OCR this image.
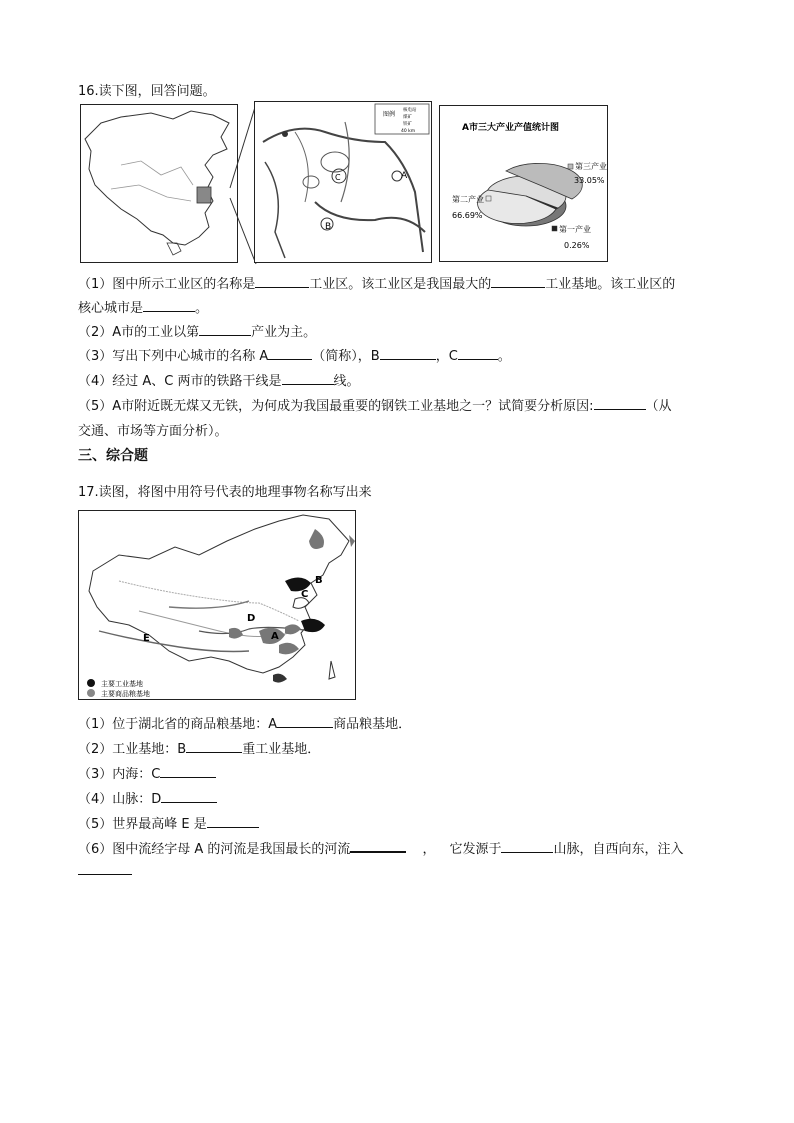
16.读下图，回答问题。
图例
核电站
煤矿
铁矿
40 km
A
B
C
A市三大产业产值统计图
第三产业
33.05%
第二产业
66.69%
第一产业
0.26%
（1）图中所示工业区的名称是	工业区。该工业区是我国最大的	工业基地。该工业区的
核心城市是	。
（2）A市的工业以第	产业为主。
（3）写出下列中心城市的名称 A	（简称），B	，C	。
（4）经过 A、C 两市的铁路干线是	线。
（5）A市附近既无煤又无铁，为何成为我国最重要的钢铁工业基地之一？试简要分析原因:	（从
交通、市场等方面分析）。
三、综合题
17.读图，将图中用符号代表的地理事物名称写出来
主要工业基地
主要商品粮基地
A
B
C
D
E
（1）位于湖北省的商品粮基地：A	商品粮基地．
（2）工业基地：B	重工业基地．
（3）内海：C
（4）山脉：D
（5）世界最高峰 E 是
（6）图中流经字母 A 的河流是我国最长的河流	， 它发源于	山脉，自西向东，注入
